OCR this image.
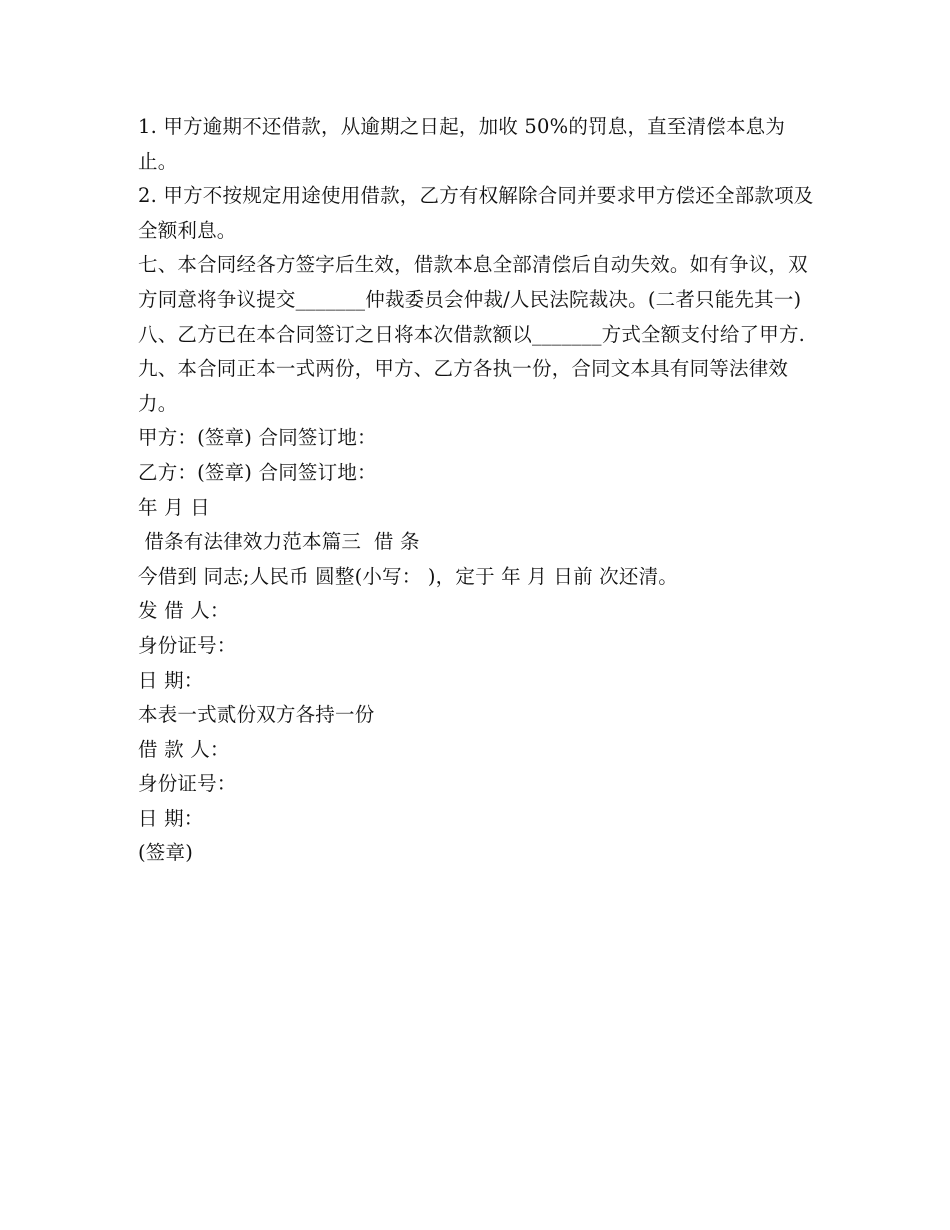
1. 甲方逾期不还借款，从逾期之日起，加收 50%的罚息，直至清偿本息为止。

2. 甲方不按规定用途使用借款，乙方有权解除合同并要求甲方偿还全部款项及全额利息。

七、本合同经各方签字后生效，借款本息全部清偿后自动失效。如有争议，双方同意将争议提交_______仲裁委员会仲裁/人民法院裁决。(二者只能先其一)

八、乙方已在本合同签订之日将本次借款额以_______方式全额支付给了甲方.

九、本合同正本一式两份，甲方、乙方各执一份，合同文本具有同等法律效力。

甲方：(签章) 合同签订地：

乙方：(签章) 合同签订地：

年 月 日

借条有法律效力范本篇三  借 条

今借到 同志;人民币 圆整(小写： )，定于 年 月 日前 次还清。

发 借 人：

身份证号：

日 期：

本表一式贰份双方各持一份

借 款 人：

身份证号：

日 期：

(签章)
